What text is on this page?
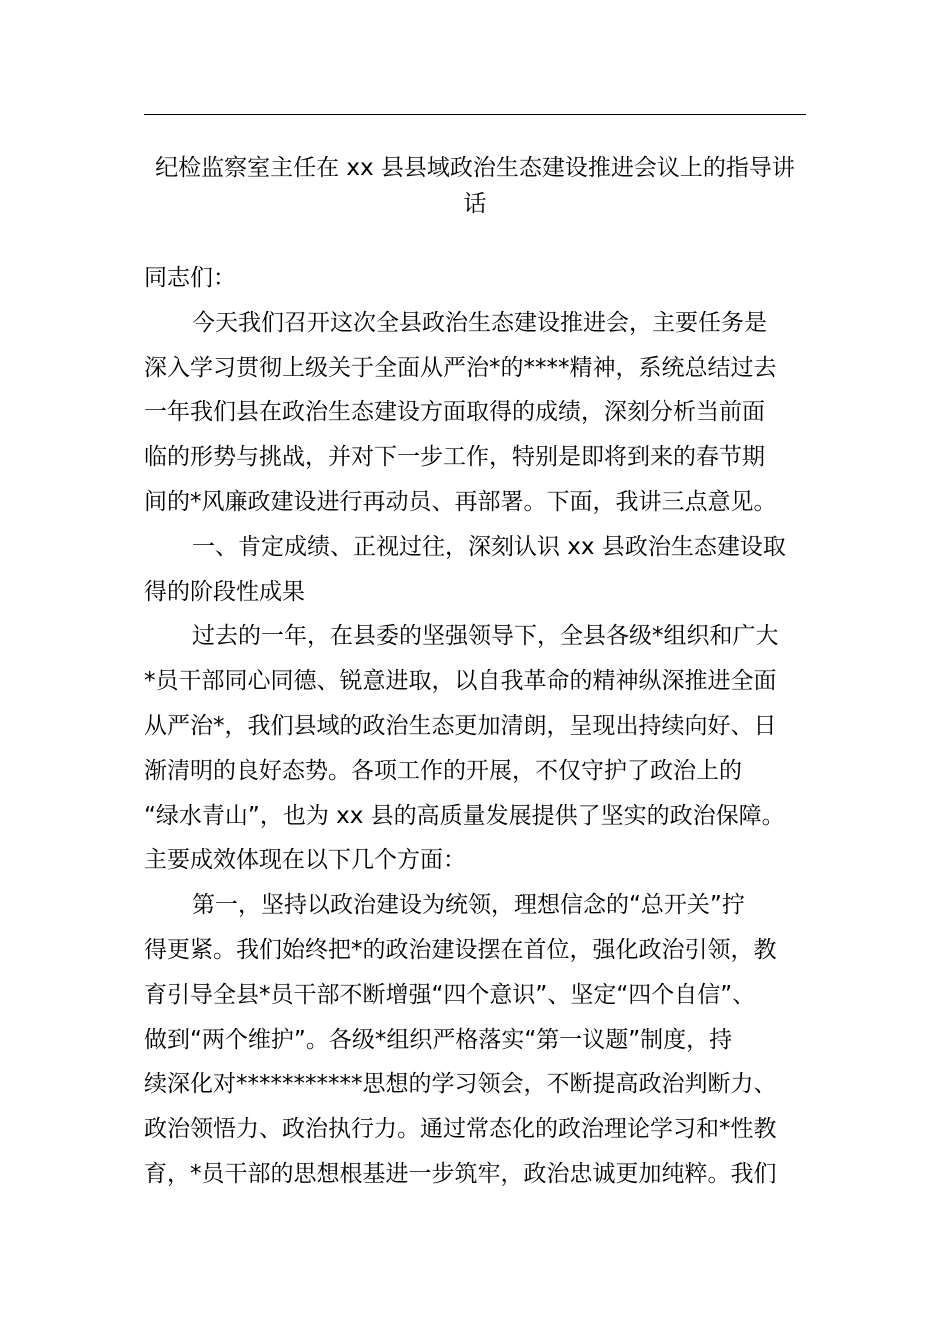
纪检监察室主任在 xx 县县域政治生态建设推进会议上的指导讲
话
同志们：
今天我们召开这次全县政治生态建设推进会，主要任务是
深入学习贯彻上级关于全面从严治*的****精神，系统总结过去
一年我们县在政治生态建设方面取得的成绩，深刻分析当前面
临的形势与挑战，并对下一步工作，特别是即将到来的春节期
间的*风廉政建设进行再动员、再部署。下面，我讲三点意见。
一、肯定成绩、正视过往，深刻认识 xx 县政治生态建设取
得的阶段性成果
过去的一年，在县委的坚强领导下，全县各级*组织和广大
*员干部同心同德、锐意进取，以自我革命的精神纵深推进全面
从严治*，我们县域的政治生态更加清朗，呈现出持续向好、日
渐清明的良好态势。各项工作的开展，不仅守护了政治上的
“绿水青山”，也为 xx 县的高质量发展提供了坚实的政治保障。
主要成效体现在以下几个方面：
第一，坚持以政治建设为统领，理想信念的“总开关”拧
得更紧。我们始终把*的政治建设摆在首位，强化政治引领，教
育引导全县*员干部不断增强“四个意识”、坚定“四个自信”、
做到“两个维护”。各级*组织严格落实“第一议题”制度，持
续深化对***********思想的学习领会，不断提高政治判断力、
政治领悟力、政治执行力。通过常态化的政治理论学习和*性教
育，*员干部的思想根基进一步筑牢，政治忠诚更加纯粹。我们
